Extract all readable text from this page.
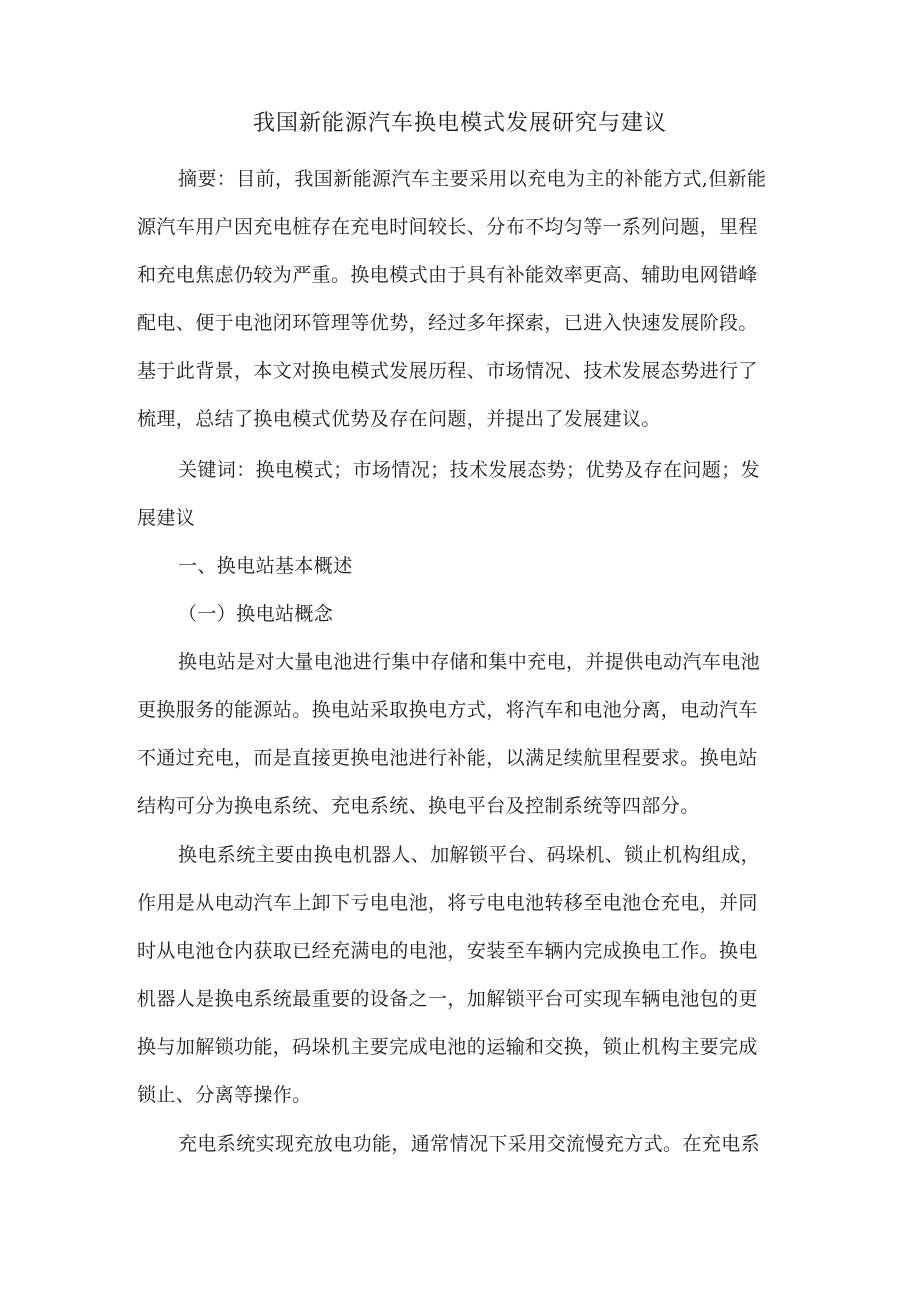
我国新能源汽车换电模式发展研究与建议
摘要：目前，我国新能源汽车主要采用以充电为主的补能方式,但新能
源汽车用户因充电桩存在充电时间较长、分布不均匀等一系列问题，里程
和充电焦虑仍较为严重。换电模式由于具有补能效率更高、辅助电网错峰
配电、便于电池闭环管理等优势，经过多年探索，已进入快速发展阶段。
基于此背景，本文对换电模式发展历程、市场情况、技术发展态势进行了
梳理，总结了换电模式优势及存在问题，并提出了发展建议。
关键词：换电模式；市场情况；技术发展态势；优势及存在问题；发
展建议
一、换电站基本概述
（一）换电站概念
换电站是对大量电池进行集中存储和集中充电，并提供电动汽车电池
更换服务的能源站。换电站采取换电方式，将汽车和电池分离，电动汽车
不通过充电，而是直接更换电池进行补能，以满足续航里程要求。换电站
结构可分为换电系统、充电系统、换电平台及控制系统等四部分。
换电系统主要由换电机器人、加解锁平台、码垛机、锁止机构组成，
作用是从电动汽车上卸下亏电电池，将亏电电池转移至电池仓充电，并同
时从电池仓内获取已经充满电的电池，安装至车辆内完成换电工作。换电
机器人是换电系统最重要的设备之一，加解锁平台可实现车辆电池包的更
换与加解锁功能，码垛机主要完成电池的运输和交换，锁止机构主要完成
锁止、分离等操作。
充电系统实现充放电功能，通常情况下采用交流慢充方式。在充电系
